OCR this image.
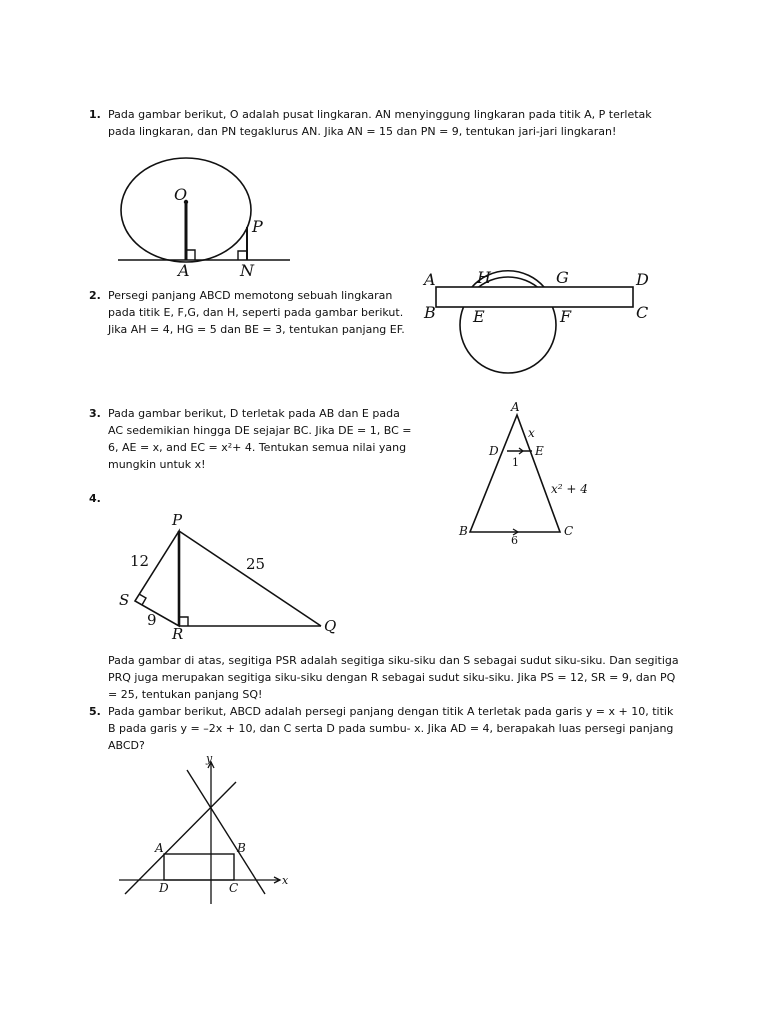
1. Pada gambar berikut, O adalah pusat lingkaran. AN menyinggung lingkaran pada titik A, P terletak
pada lingkaran, dan PN tegaklurus AN. Jika AN = 15 dan PN = 9, tentukan jari-jari lingkaran!
O
P
A	N
2. Persegi panjang ABCD memotong sebuah lingkaran
pada titik E, F,G, dan H, seperti pada gambar berikut.
Jika AH = 4, HG = 5 dan BE = 3, tentukan panjang EF.
A	H	G	D
B E	F	C
3. Pada gambar berikut, D terletak pada AB dan E pada
AC sedemikian hingga DE sejajar BC. Jika DE = 1, BC =
6, AE = x, and EC = x²+ 4. Tentukan semua nilai yang
mungkin untuk x!
A
x
D	E
1
x² + 4
B	C
6
4.
P
S
R	Q
12
9
25
Pada gambar di atas, segitiga PSR adalah segitiga siku-siku dan S sebagai sudut siku-siku. Dan segitiga
PRQ juga merupakan segitiga siku-siku dengan R sebagai sudut siku-siku. Jika PS = 12, SR = 9, dan PQ
= 25, tentukan panjang SQ!
5. Pada gambar berikut, ABCD adalah persegi panjang dengan titik A terletak pada garis y = x + 10, titik
B pada garis y = –2x + 10, dan C serta D pada sumbu- x. Jika AD = 4, berapakah luas persegi panjang
ABCD?
y
x
A	B
C
D
